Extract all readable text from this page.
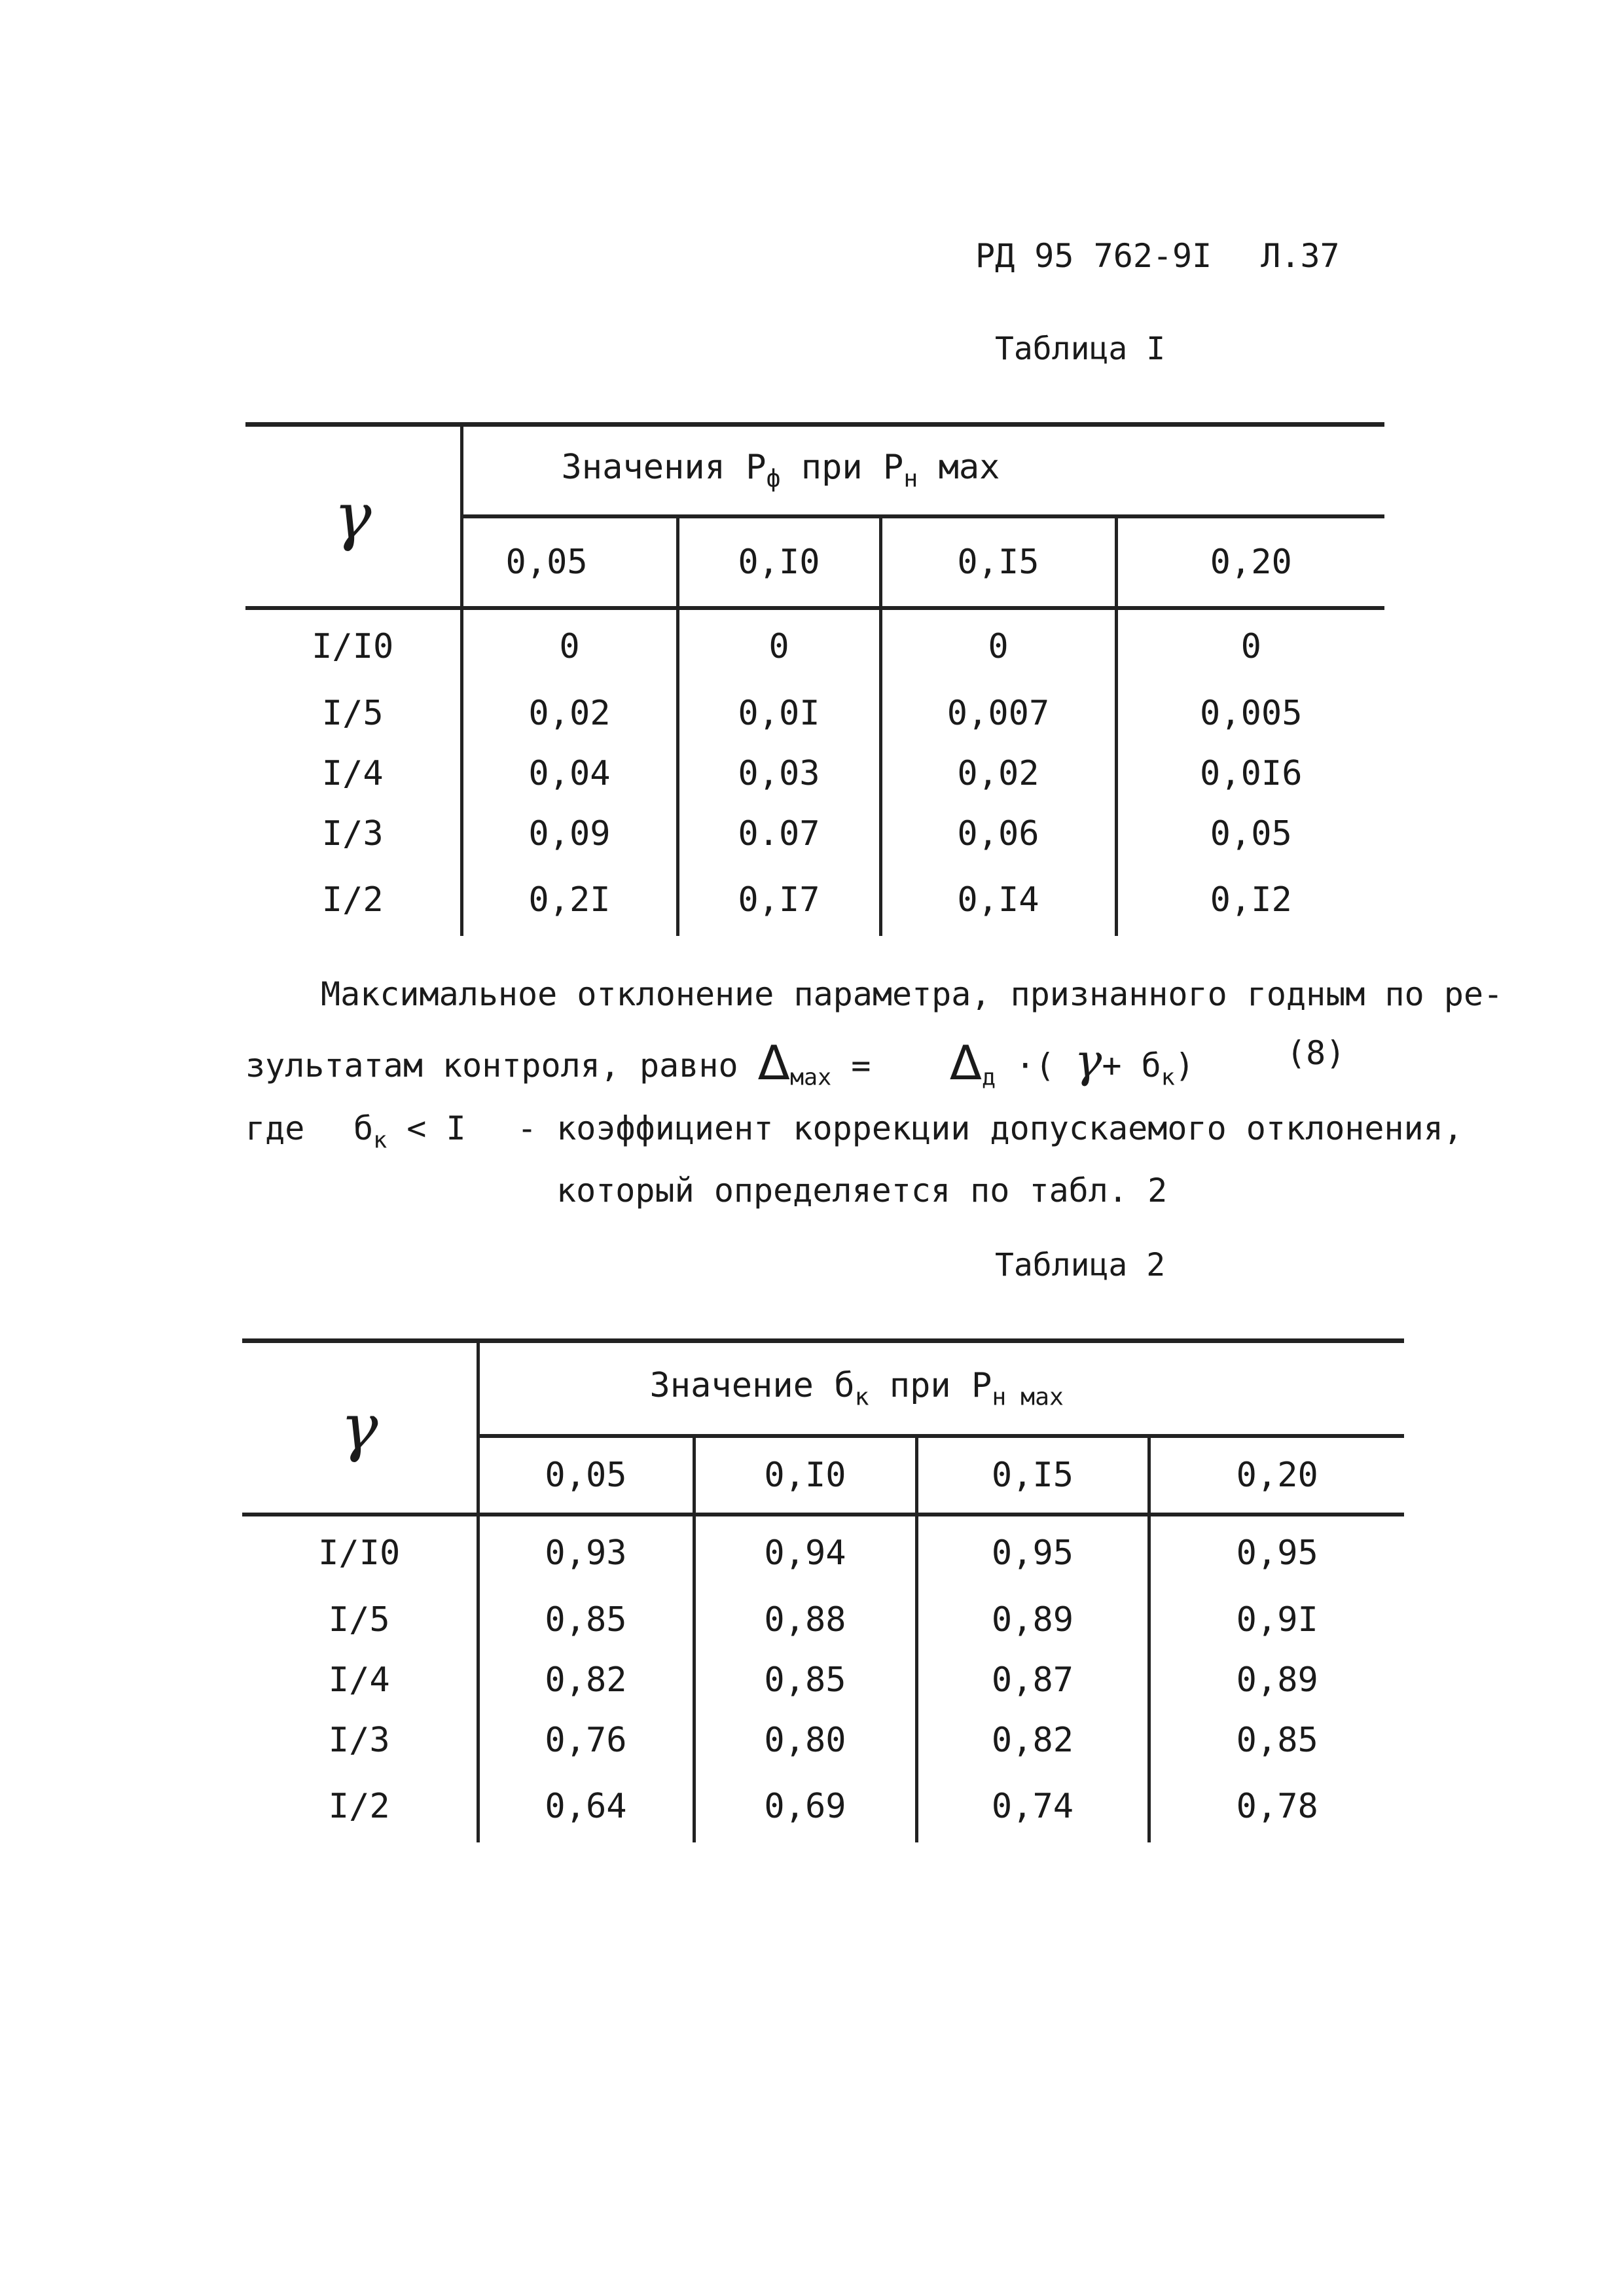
РД 95 762-9I Л.37
Таблица I
γ	Значения $P_ф$ при $P_н$ мах			
	0,05	0,I0	0,I5	0,20
I/I0	0	0	0	0
I/5	0,02	0,0I	0,007	0,005
I/4	0,04	0,03	0,02	0,0I6
I/3	0,09	0.07	0,06	0,05
I/2	0,2I	0,I7	0,I4	0,I2
Максимальное отклонение параметра, признанного годным по ре-
зультатам контроля, равно $\Delta_{мах}$ =    $\Delta_д$ ·( $\gamma+ б_к$)	(8)
где $б_к < I$ - коэффициент коррекции допускаемого отклонения,
который определяется по табл. 2
Таблица 2
γ	Значение $б_к$ при $P_{н мах}$
	0,05	0,I0	0,I5	0,20
I/I0	0,93	0,94	0,95	0,95
I/5	0,85	0,88	0,89	0,9I
I/4	0,82	0,85	0,87	0,89
I/3	0,76	0,80	0,82	0,85
I/2	0,64	0,69	0,74	0,78
